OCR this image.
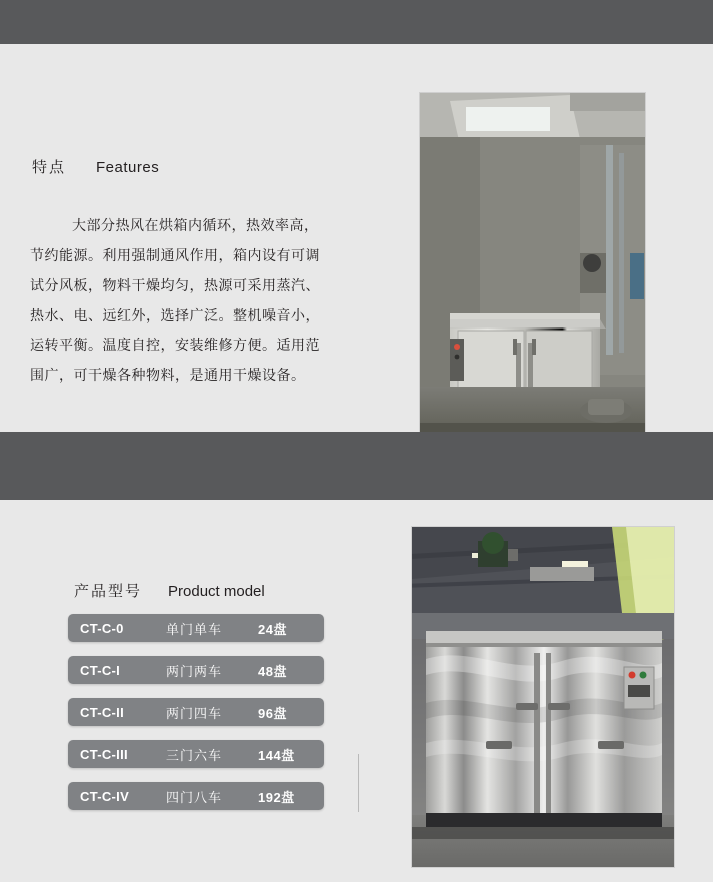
特点 Features
大部分热风在烘箱内循环，热效率高，节约能源。利用强制通风作用，箱内设有可调试分风板，物料干燥均匀，热源可采用蒸汽、热水、电、远红外，选择广泛。整机噪音小，运转平衡。温度自控，安装维修方便。适用范围广，可干燥各种物料，是通用干燥设备。
产品型号 Product model
CT-C-0	单门单车	24盘
CT-C-I	两门两车	48盘
CT-C-II	两门四车	96盘
CT-C-III	三门六车	144盘
CT-C-IV	四门八车	192盘
